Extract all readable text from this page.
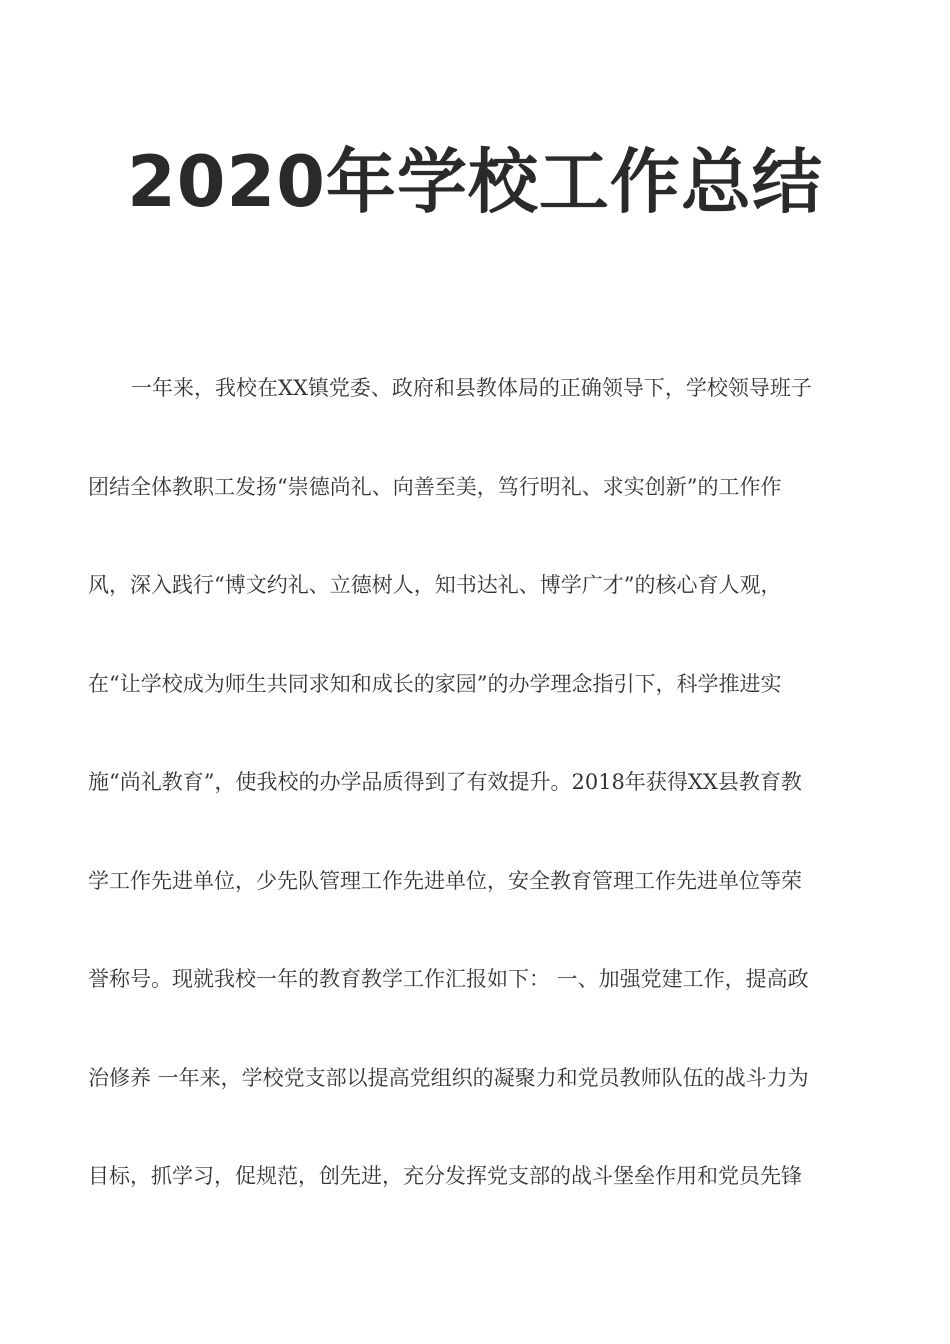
2020年学校工作总结
一年来，我校在XX镇党委、政府和县教体局的正确领导下，学校领导班子
团结全体教职工发扬“崇德尚礼、向善至美，笃行明礼、求实创新”的工作作
风，深入践行“博文约礼、立德树人，知书达礼、博学广才”的核心育人观，
在“让学校成为师生共同求知和成长的家园”的办学理念指引下，科学推进实
施“尚礼教育”，使我校的办学品质得到了有效提升。2018年获得XX县教育教
学工作先进单位，少先队管理工作先进单位，安全教育管理工作先进单位等荣
誉称号。现就我校一年的教育教学工作汇报如下： 一、加强党建工作，提高政
治修养 一年来，学校党支部以提高党组织的凝聚力和党员教师队伍的战斗力为
目标，抓学习，促规范，创先进，充分发挥党支部的战斗堡垒作用和党员先锋
